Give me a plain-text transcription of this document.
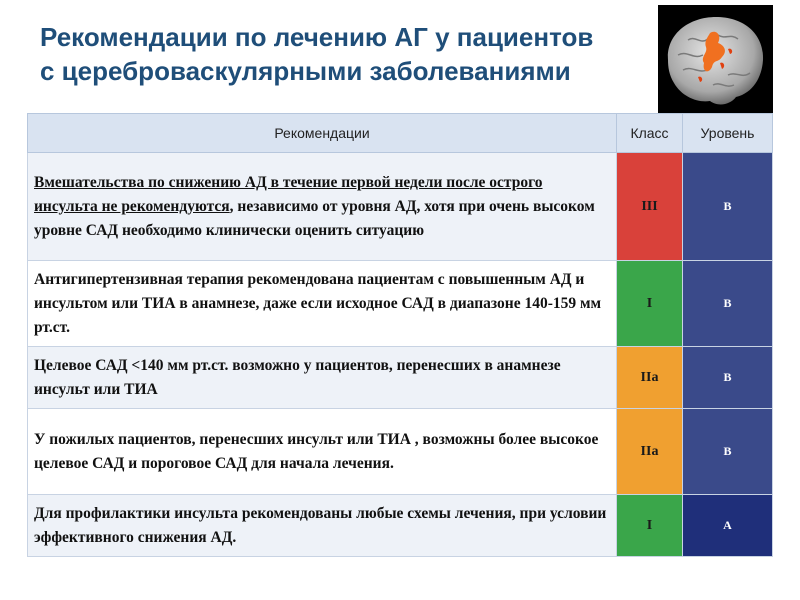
Рекомендации по лечению АГ у пациентов
с цереброваскулярными заболеваниями
Рекомендации	Класс	Уровень
Вмешательства по снижению АД в течение первой недели после острого инсульта не рекомендуются, независимо от уровня АД, хотя при очень высоком уровне САД необходимо клинически оценить ситуацию	III	B
Антигипертензивная терапия рекомендована пациентам с повышенным АД и инсультом или ТИА в анамнезе, даже если исходное САД в диапазоне 140-159 мм рт.ст.	I	B
Целевое САД <140 мм рт.ст. возможно у пациентов, перенесших в анамнезе инсульт или ТИА	IIa	B
У пожилых пациентов, перенесших инсульт или ТИА , возможны более высокое целевое САД и пороговое САД для начала лечения.	IIa	B
Для профилактики инсульта рекомендованы любые схемы лечения, при условии эффективного снижения АД.	I	A
